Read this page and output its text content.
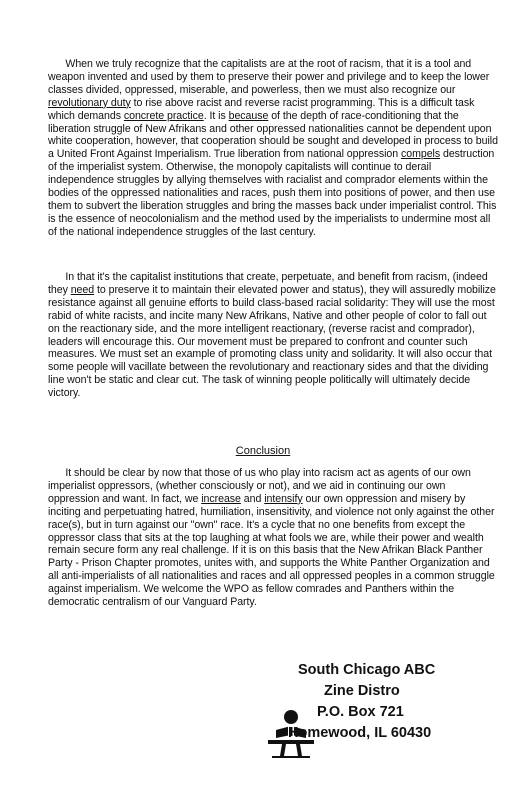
When we truly recognize that the capitalists are at the root of racism, that it is a tool and weapon invented and used by them to preserve their power and privilege and to keep the lower classes divided, oppressed, miserable, and powerless, then we must also recognize our revolutionary duty to rise above racist and reverse racist programming. This is a difficult task which demands concrete practice. It is because of the depth of race-conditioning that the liberation struggle of New Afrikans and other oppressed nationalities cannot be dependent upon white cooperation, however, that cooperation should be sought and developed in process to build a United Front Against Imperialism. True liberation from national oppression compels destruction of the imperialist system. Otherwise, the monopoly capitalists will continue to derail independence struggles by allying themselves with racialist and comprador elements within the bodies of the oppressed nationalities and races, push them into positions of power, and then use them to subvert the liberation struggles and bring the masses back under imperialist control. This is the essence of neocolonialism and the method used by the imperialists to undermine most all of the national independence struggles of the last century.
In that it's the capitalist institutions that create, perpetuate, and benefit from racism, (indeed they need to preserve it to maintain their elevated power and status), they will assuredly mobilize resistance against all genuine efforts to build class-based racial solidarity: They will use the most rabid of white racists, and incite many New Afrikans, Native and other people of color to fall out on the reactionary side, and the more intelligent reactionary, (reverse racist and comprador), leaders will encourage this. Our movement must be prepared to confront and counter such measures. We must set an example of promoting class unity and solidarity. It will also occur that some people will vacillate between the revolutionary and reactionary sides and that the dividing line won't be static and clear cut. The task of winning people politically will ultimately decide victory.
Conclusion
It should be clear by now that those of us who play into racism act as agents of our own imperialist oppressors, (whether consciously or not), and we aid in continuing our own oppression and want. In fact, we increase and intensify our own oppression and misery by inciting and perpetuating hatred, humiliation, insensitivity, and violence not only against the other race(s), but in turn against our "own" race. It's a cycle that no one benefits from except the oppressor class that sits at the top laughing at what fools we are, while their power and wealth remain secure form any real challenge. If it is on this basis that the New Afrikan Black Panther Party - Prison Chapter promotes, unites with, and supports the White Panther Organization and all anti-imperialists of all nationalities and races and all oppressed peoples in a common struggle against imperialism. We welcome the WPO as fellow comrades and Panthers within the democratic centralism of our Vanguard Party.
South Chicago ABC
Zine Distro
P.O. Box 721
Homewood, IL 60430
